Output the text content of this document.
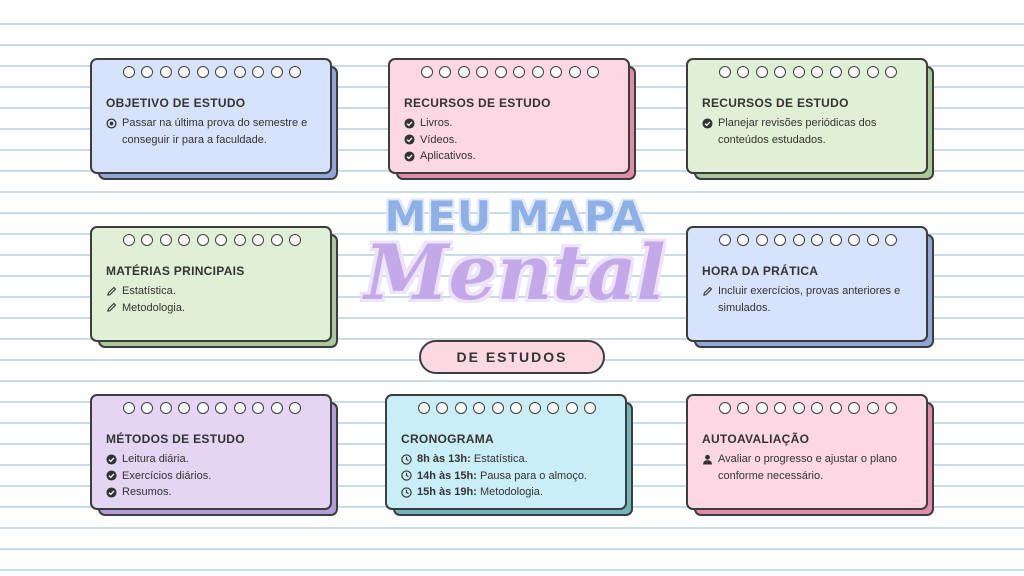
OBJETIVO DE ESTUDO
Passar na última prova do semestre e conseguir ir para a faculdade.
RECURSOS DE ESTUDO
Livros.
Vídeos.
Aplicativos.
RECURSOS DE ESTUDO
Planejar revisões periódicas dos conteúdos estudados.
MATÉRIAS PRINCIPAIS
Estatística.
Metodologia.
HORA DA PRÁTICA
Incluir exercícios, provas anteriores e simulados.
MÉTODOS DE ESTUDO
Leitura diária.
Exercícios diários.
Resumos.
CRONOGRAMA
8h às 13h: Estatística.
14h às 15h: Pausa para o almoço.
15h às 19h: Metodologia.
AUTOAVALIAÇÃO
Avaliar o progresso e ajustar o plano conforme necessário.
MEU MAPA
Mental
DE ESTUDOS
